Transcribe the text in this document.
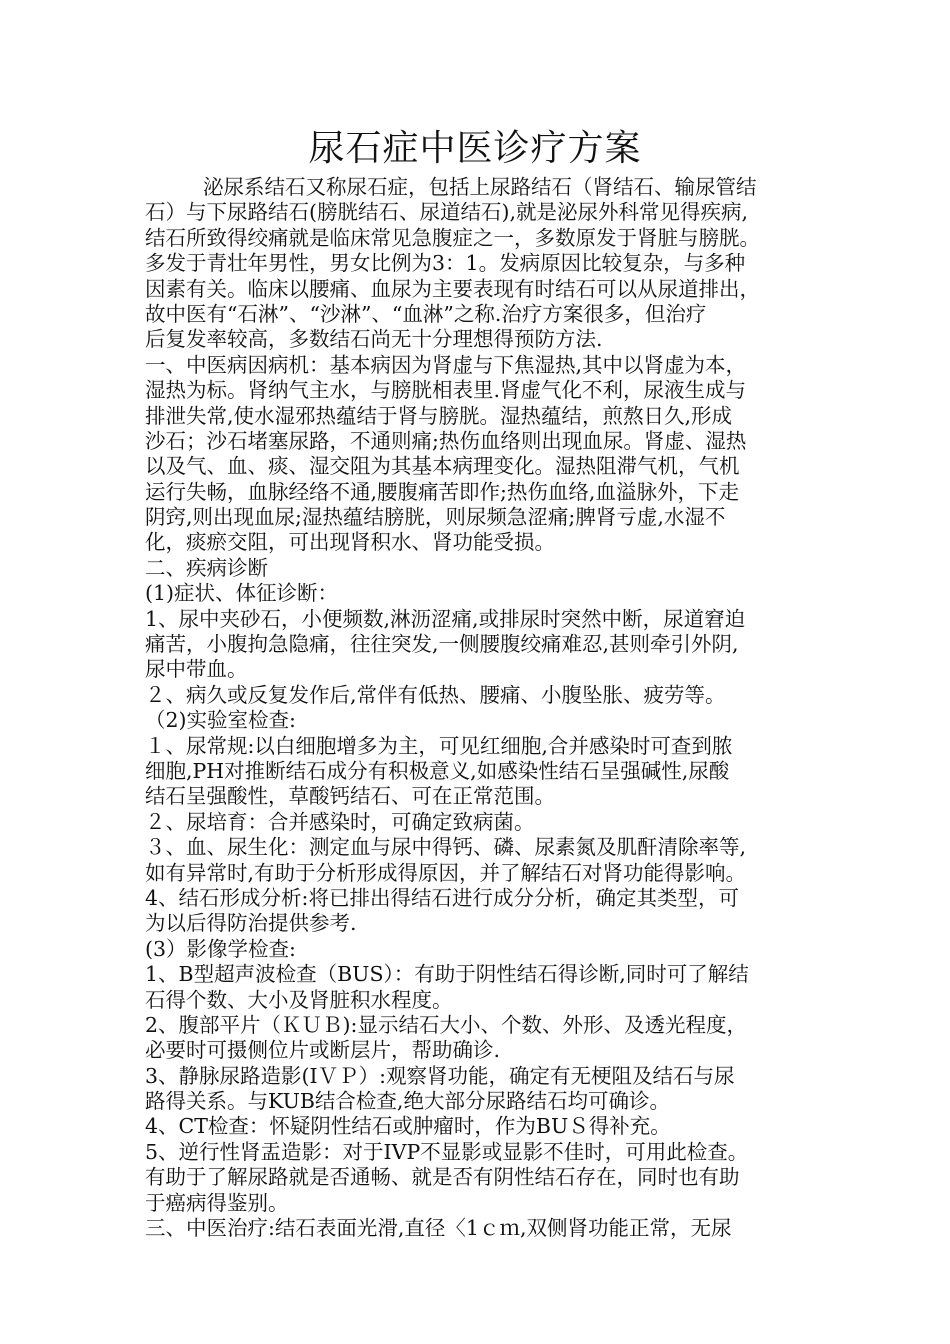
尿石症中医诊疗方案
泌尿系结石又称尿石症，包括上尿路结石（肾结石、输尿管结
石）与下尿路结石(膀胱结石、尿道结石),就是泌尿外科常见得疾病,
结石所致得绞痛就是临床常见急腹症之一，多数原发于肾脏与膀胱。
多发于青壮年男性，男女比例为3：1。发病原因比较复杂，与多种
因素有关。临床以腰痛、血尿为主要表现有时结石可以从尿道排出，
故中医有“石淋”、“沙淋”、“血淋”之称.治疗方案很多，但治疗
后复发率较高，多数结石尚无十分理想得预防方法.
一、中医病因病机：基本病因为肾虚与下焦湿热,其中以肾虚为本，
湿热为标。肾纳气主水，与膀胱相表里.肾虚气化不利，尿液生成与
排泄失常,使水湿邪热蕴结于肾与膀胱。湿热蕴结，煎熬日久,形成
沙石；沙石堵塞尿路，不通则痛;热伤血络则出现血尿。肾虚、湿热
以及气、血、痰、湿交阻为其基本病理变化。湿热阻滞气机，气机
运行失畅，血脉经络不通,腰腹痛苦即作;热伤血络,血溢脉外，下走
阴窍,则出现血尿;湿热蕴结膀胱，则尿频急涩痛;脾肾亏虚,水湿不
化，痰瘀交阻，可出现肾积水、肾功能受损。
二、疾病诊断
(1)症状、体征诊断：
1、尿中夹砂石，小便频数,淋沥涩痛,或排尿时突然中断，尿道窘迫
痛苦，小腹拘急隐痛，往往突发,一侧腰腹绞痛难忍,甚则牵引外阴,
尿中带血。
２、病久或反复发作后,常伴有低热、腰痛、小腹坠胀、疲劳等。
（2)实验室检查:
１、尿常规:以白细胞增多为主，可见红细胞,合并感染时可查到脓
细胞,PH对推断结石成分有积极意义,如感染性结石呈强碱性,尿酸
结石呈强酸性，草酸钙结石、可在正常范围。
２、尿培育：合并感染时，可确定致病菌。
３、血、尿生化：测定血与尿中得钙、磷、尿素氮及肌酐清除率等,
如有异常时,有助于分析形成得原因，并了解结石对肾功能得影响。
4、结石形成分析:将已排出得结石进行成分分析，确定其类型，可
为以后得防治提供参考.
(3）影像学检查:
1、B型超声波检查（BUS）：有助于阴性结石得诊断,同时可了解结
石得个数、大小及肾脏积水程度。
2、腹部平片（ＫＵＢ):显示结石大小、个数、外形、及透光程度，
必要时可摄侧位片或断层片，帮助确诊.
3、静脉尿路造影(IＶＰ）:观察肾功能，确定有无梗阻及结石与尿
路得关系。与KUB结合检查,绝大部分尿路结石均可确诊。
4、CT检查：怀疑阴性结石或肿瘤时，作为BUＳ得补充。
5、逆行性肾盂造影：对于IVP不显影或显影不佳时，可用此检查。
有助于了解尿路就是否通畅、就是否有阴性结石存在，同时也有助
于癌病得鉴别。
三、中医治疗:结石表面光滑,直径〈1ｃｍ,双侧肾功能正常，无尿
